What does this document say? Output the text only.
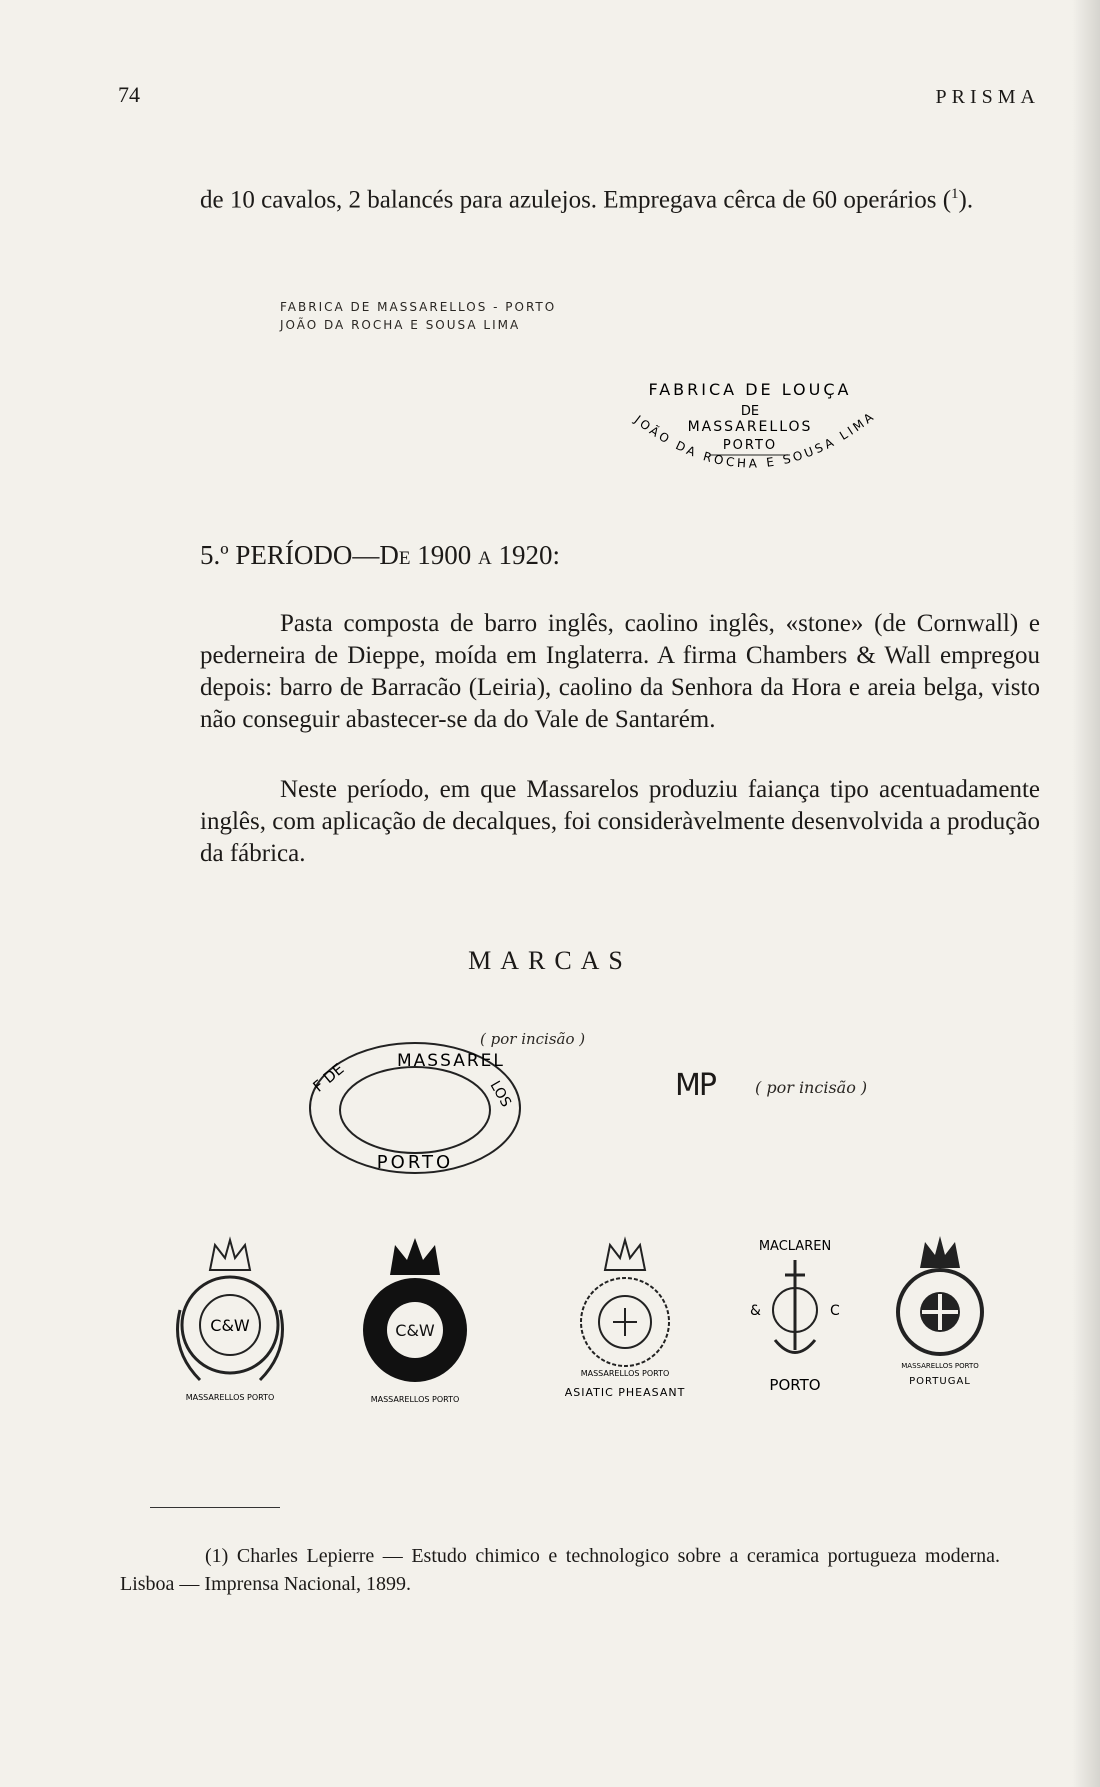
74	PRISMA
de 10 cavalos, 2 balancés para azulejos. Empregava cêrca de 60 operários ($^1$).
FABRICA DE MASSARELLOS - PORTO
JOÃO DA ROCHA E SOUSA LIMA
FABRICA DE LOUÇA
DE
MASSARELLOS
PORTO
JOÃO DA ROCHA E SOUSA LIMA
5.º PERÍODO—De 1900 a 1920:
Pasta composta de barro inglês, caolino inglês, «stone» (de Cornwall) e pederneira de Dieppe, moída em Inglaterra. A firma Chambers & Wall empregou depois: barro de Barracão (Leiria), caolino da Senhora da Hora e areia belga, visto não conseguir abastecer-se da do Vale de Santarém.
Neste período, em que Massarelos produziu faiança tipo acentuadamente inglês, com aplicação de decalques, foi consideràvelmente desenvolvida a produção da fábrica.
MARCAS
MASSAREL
F DE	LOS
PORTO
( por incisão )
MP	( por incisão )
C&W
MASSARELLOS PORTO
C&W
MASSARELLOS PORTO
MASSARELLOS PORTO
ASIATIC PHEASANT
MACLAREN
&	C
PORTO
MASSARELLOS PORTO
PORTUGAL
(1) Charles Lepierre — Estudo chimico e technologico sobre a ceramica portugueza moderna. Lisboa — Imprensa Nacional, 1899.
